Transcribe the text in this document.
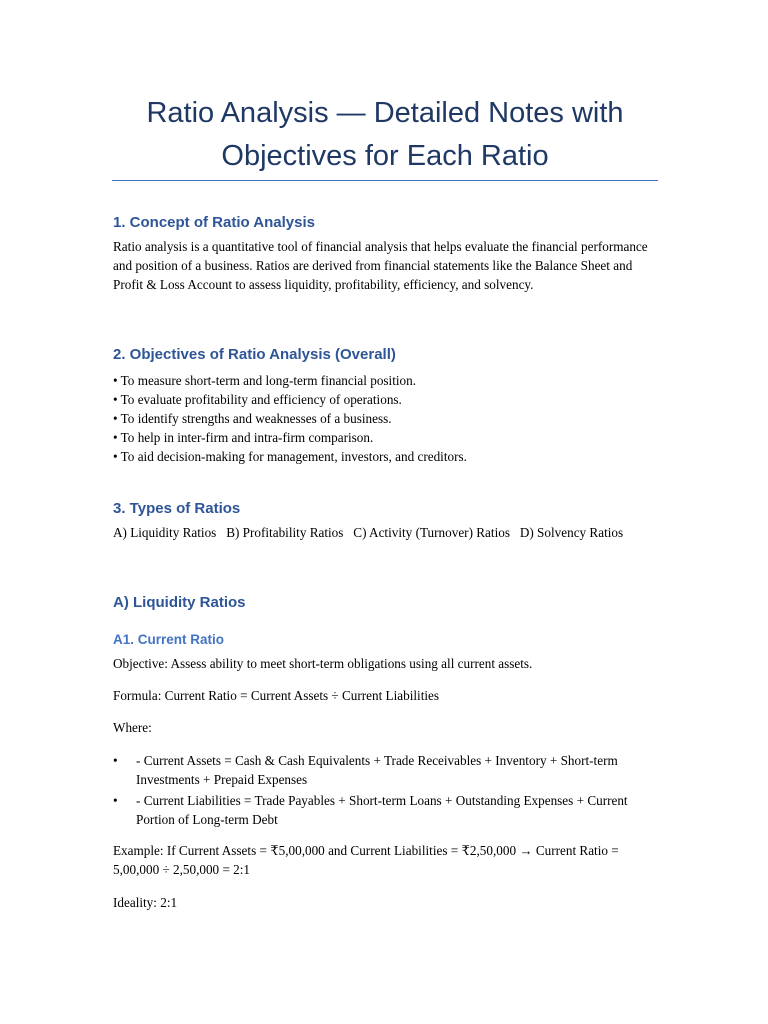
Ratio Analysis — Detailed Notes with Objectives for Each Ratio
1. Concept of Ratio Analysis

Ratio analysis is a quantitative tool of financial analysis that helps evaluate the financial performance and position of a business. Ratios are derived from financial statements like the Balance Sheet and Profit & Loss Account to assess liquidity, profitability, efficiency, and solvency.

2. Objectives of Ratio Analysis (Overall)
• To measure short-term and long-term financial position.
• To evaluate profitability and efficiency of operations.
• To identify strengths and weaknesses of a business.
• To help in inter-firm and intra-firm comparison.
• To aid decision-making for management, investors, and creditors.
3. Types of Ratios

A) Liquidity Ratios   B) Profitability Ratios   C) Activity (Turnover) Ratios   D) Solvency Ratios

A) Liquidity Ratios
A1. Current Ratio

Objective: Assess ability to meet short-term obligations using all current assets.

Formula: Current Ratio = Current Assets ÷ Current Liabilities

Where:

•	- Current Assets = Cash & Cash Equivalents + Trade Receivables + Inventory + Short-term Investments + Prepaid Expenses
•	- Current Liabilities = Trade Payables + Short-term Loans + Outstanding Expenses + Current Portion of Long-term Debt

Example: If Current Assets = ₹5,00,000 and Current Liabilities = ₹2,50,000 → Current Ratio = 5,00,000 ÷ 2,50,000 = 2:1

Ideality: 2:1
